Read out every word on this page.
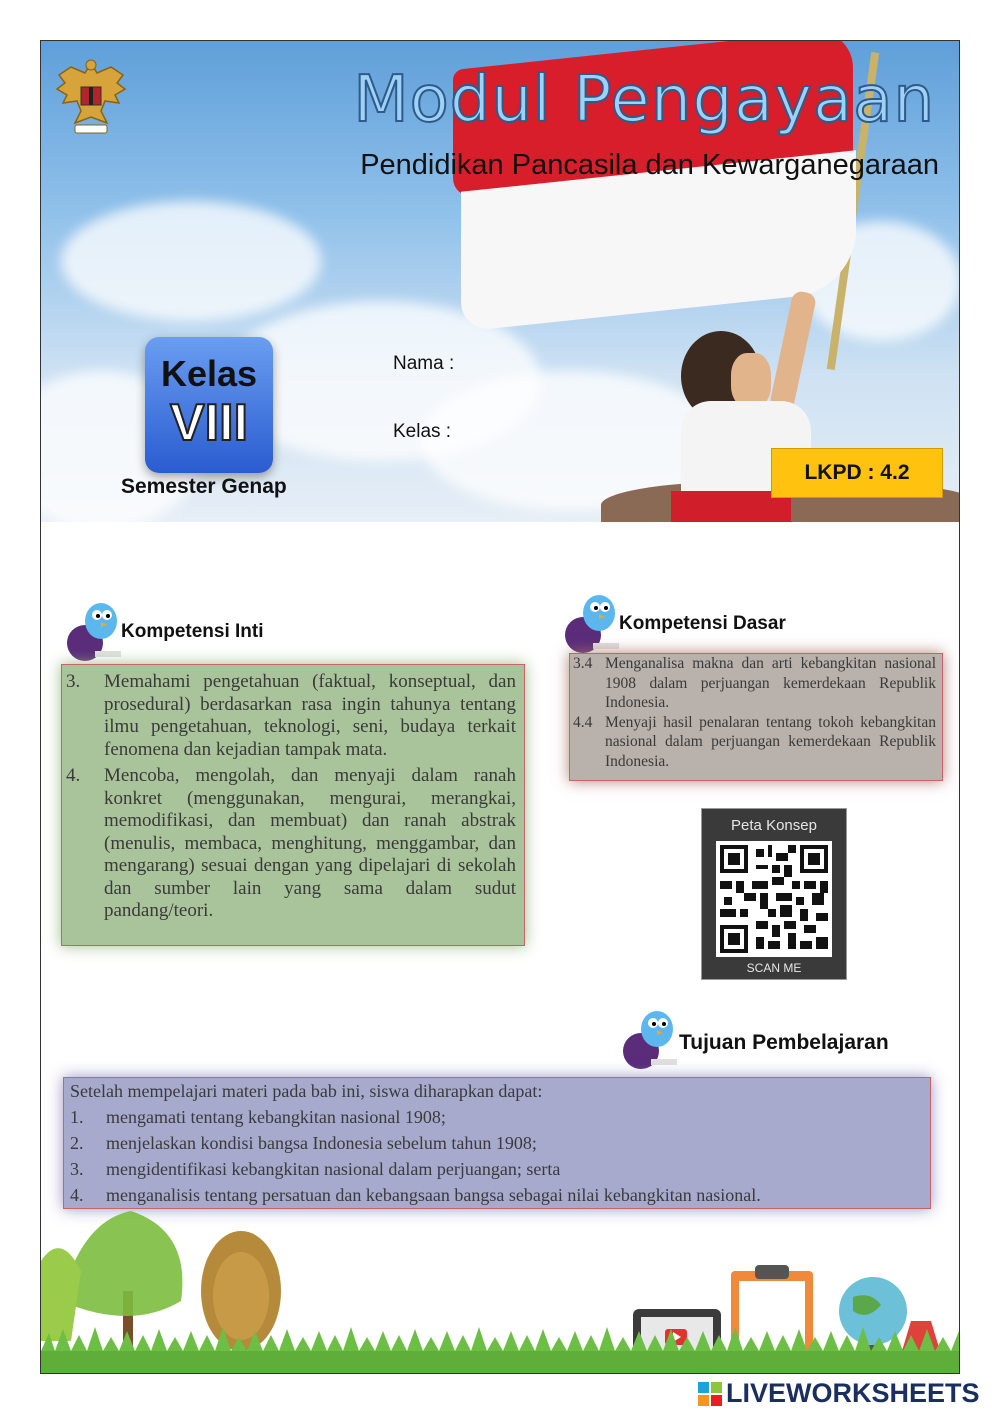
Modul Pengayaan
Pendidikan Pancasila dan Kewarganegaraan
Kelas
VIII
Semester Genap
Nama :
Kelas :
LKPD : 4.2
Kompetensi Inti
3.	Memahami pengetahuan (faktual, konseptual, dan prosedural) berdasarkan rasa ingin tahunya tentang ilmu pengetahuan, teknologi, seni, budaya terkait fenomena dan kejadian tampak mata.
4.	Mencoba, mengolah, dan menyaji dalam ranah konkret (menggunakan, mengurai, merangkai, memodifikasi, dan membuat) dan ranah abstrak (menulis, membaca, menghitung, menggambar, dan mengarang) sesuai dengan yang dipelajari di sekolah dan sumber lain yang sama dalam sudut pandang/teori.
Kompetensi Dasar
3.4 Menganalisa makna dan arti kebangkitan nasional 1908 dalam perjuangan kemerdekaan Republik Indonesia.
4.4 Menyaji hasil penalaran tentang tokoh kebangkitan nasional dalam perjuangan kemerdekaan Republik Indonesia.
Peta Konsep
SCAN ME
Tujuan Pembelajaran
Setelah mempelajari materi pada bab ini, siswa diharapkan dapat:
1.	mengamati tentang kebangkitan nasional 1908;
2.	menjelaskan kondisi bangsa Indonesia sebelum tahun 1908;
3.	mengidentifikasi kebangkitan nasional dalam perjuangan; serta
4.	menganalisis tentang persatuan dan kebangsaan bangsa sebagai nilai kebangkitan nasional.
LIVEWORKSHEETS
